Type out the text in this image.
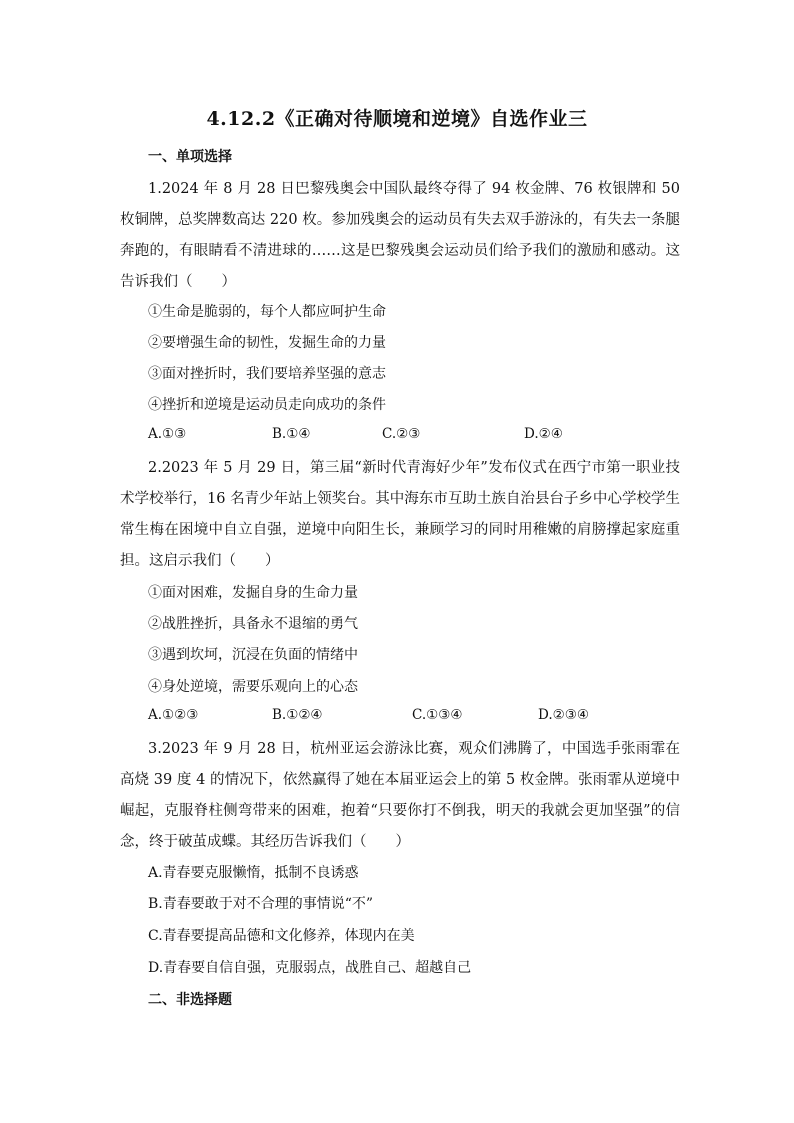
4.12.2《正确对待顺境和逆境》自选作业三
一、单项选择

1.2024 年 8 月 28 日巴黎残奥会中国队最终夺得了 94 枚金牌、76 枚银牌和 50 枚铜牌，总奖牌数高达 220 枚。参加残奥会的运动员有失去双手游泳的，有失去一条腿奔跑的，有眼睛看不清进球的……这是巴黎残奥会运动员们给予我们的激励和感动。这告诉我们（　　）

①生命是脆弱的，每个人都应呵护生命
②要增强生命的韧性，发掘生命的力量
③面对挫折时，我们要培养坚强的意志
④挫折和逆境是运动员走向成功的条件
A.①③	B.①④	C.②③	D.②④

2.2023 年 5 月 29 日，第三届“新时代青海好少年”发布仪式在西宁市第一职业技术学校举行，16 名青少年站上领奖台。其中海东市互助土族自治县台子乡中心学校学生常生梅在困境中自立自强，逆境中向阳生长，兼顾学习的同时用稚嫩的肩膀撑起家庭重担。这启示我们（　　）

①面对困难，发掘自身的生命力量
②战胜挫折，具备永不退缩的勇气
③遇到坎坷，沉浸在负面的情绪中
④身处逆境，需要乐观向上的心态
A.①②③	B.①②④	C.①③④	D.②③④

3.2023 年 9 月 28 日，杭州亚运会游泳比赛，观众们沸腾了，中国选手张雨霏在高烧 39 度 4 的情况下，依然赢得了她在本届亚运会上的第 5 枚金牌。张雨霏从逆境中崛起，克服脊柱侧弯带来的困难，抱着“只要你打不倒我，明天的我就会更加坚强”的信念，终于破茧成蝶。其经历告诉我们（　　）

A.青春要克服懒惰，抵制不良诱惑
B.青春要敢于对不合理的事情说“不”
C.青春要提高品德和文化修养，体现内在美
D.青春要自信自强，克服弱点，战胜自己、超越自己
二、非选择题
